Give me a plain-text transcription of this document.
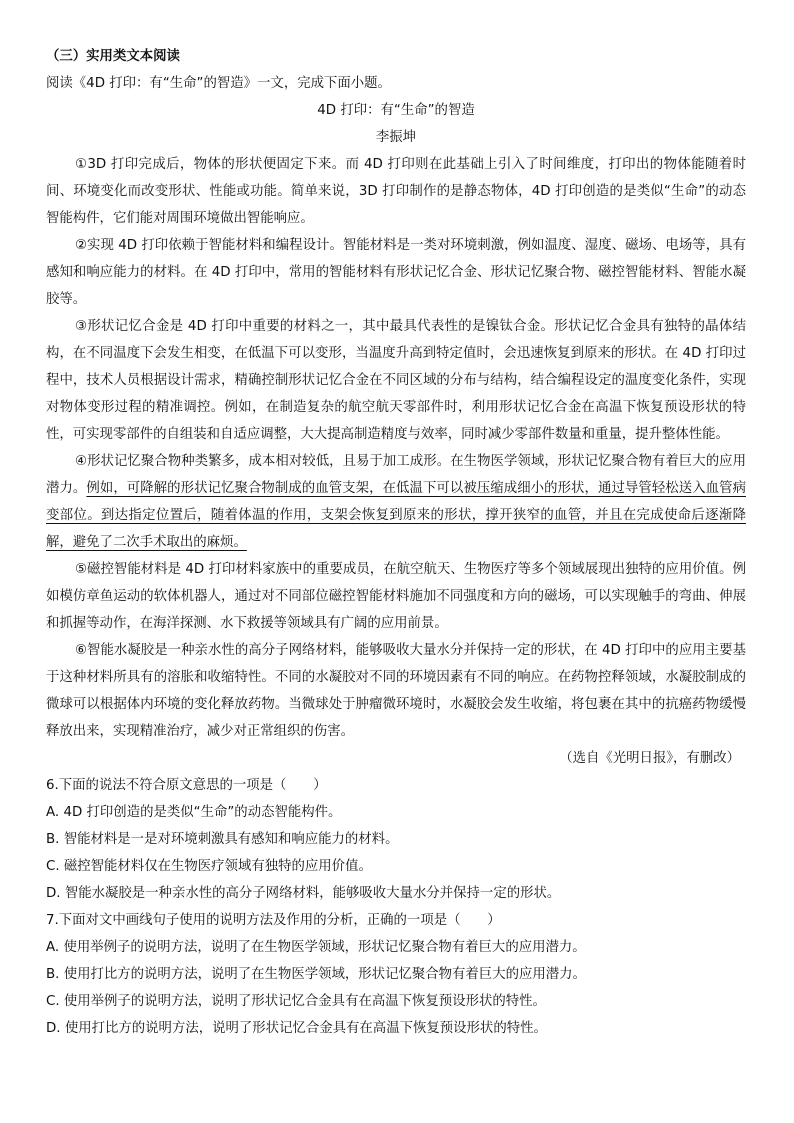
（三）实用类文本阅读
阅读《4D 打印：有“生命”的智造》一文，完成下面小题。
4D 打印：有“生命”的智造
李振坤
①3D 打印完成后，物体的形状便固定下来。而 4D 打印则在此基础上引入了时间维度，打印出的物体能随着时间、环境变化而改变形状、性能或功能。简单来说，3D 打印制作的是静态物体，4D 打印创造的是类似“生命”的动态智能构件，它们能对周围环境做出智能响应。
②实现 4D 打印依赖于智能材料和编程设计。智能材料是一类对环境刺激，例如温度、湿度、磁场、电场等，具有感知和响应能力的材料。在 4D 打印中，常用的智能材料有形状记忆合金、形状记忆聚合物、磁控智能材料、智能水凝胶等。
③形状记忆合金是 4D 打印中重要的材料之一，其中最具代表性的是镍钛合金。形状记忆合金具有独特的晶体结构，在不同温度下会发生相变，在低温下可以变形，当温度升高到特定值时，会迅速恢复到原来的形状。在 4D 打印过程中，技术人员根据设计需求，精确控制形状记忆合金在不同区域的分布与结构，结合编程设定的温度变化条件，实现对物体变形过程的精准调控。例如，在制造复杂的航空航天零部件时，利用形状记忆合金在高温下恢复预设形状的特性，可实现零部件的自组装和自适应调整，大大提高制造精度与效率，同时减少零部件数量和重量，提升整体性能。
④形状记忆聚合物种类繁多，成本相对较低，且易于加工成形。在生物医学领域，形状记忆聚合物有着巨大的应用潜力。例如，可降解的形状记忆聚合物制成的血管支架，在低温下可以被压缩成细小的形状，通过导管轻松送入血管病变部位。到达指定位置后，随着体温的作用，支架会恢复到原来的形状，撑开狭窄的血管，并且在完成使命后逐渐降解，避免了二次手术取出的麻烦。
⑤磁控智能材料是 4D 打印材料家族中的重要成员，在航空航天、生物医疗等多个领域展现出独特的应用价值。例如模仿章鱼运动的软体机器人，通过对不同部位磁控智能材料施加不同强度和方向的磁场，可以实现触手的弯曲、伸展和抓握等动作，在海洋探测、水下救援等领域具有广阔的应用前景。
⑥智能水凝胶是一种亲水性的高分子网络材料，能够吸收大量水分并保持一定的形状，在 4D 打印中的应用主要基于这种材料所具有的溶胀和收缩特性。不同的水凝胶对不同的环境因素有不同的响应。在药物控释领域，水凝胶制成的微球可以根据体内环境的变化释放药物。当微球处于肿瘤微环境时，水凝胶会发生收缩，将包裹在其中的抗癌药物缓慢释放出来，实现精准治疗，减少对正常组织的伤害。
（选自《光明日报》，有删改）
6.下面的说法不符合原文意思的一项是（　　）
A. 4D 打印创造的是类似“生命”的动态智能构件。
B. 智能材料是一是对环境刺激具有感知和响应能力的材料。
C. 磁控智能材料仅在生物医疗领域有独特的应用价值。
D. 智能水凝胶是一种亲水性的高分子网络材料，能够吸收大量水分并保持一定的形状。
7.下面对文中画线句子使用的说明方法及作用的分析，正确的一项是（　　）
A. 使用举例子的说明方法，说明了在生物医学领域，形状记忆聚合物有着巨大的应用潜力。
B. 使用打比方的说明方法，说明了在生物医学领域，形状记忆聚合物有着巨大的应用潜力。
C. 使用举例子的说明方法，说明了形状记忆合金具有在高温下恢复预设形状的特性。
D. 使用打比方的说明方法，说明了形状记忆合金具有在高温下恢复预设形状的特性。
